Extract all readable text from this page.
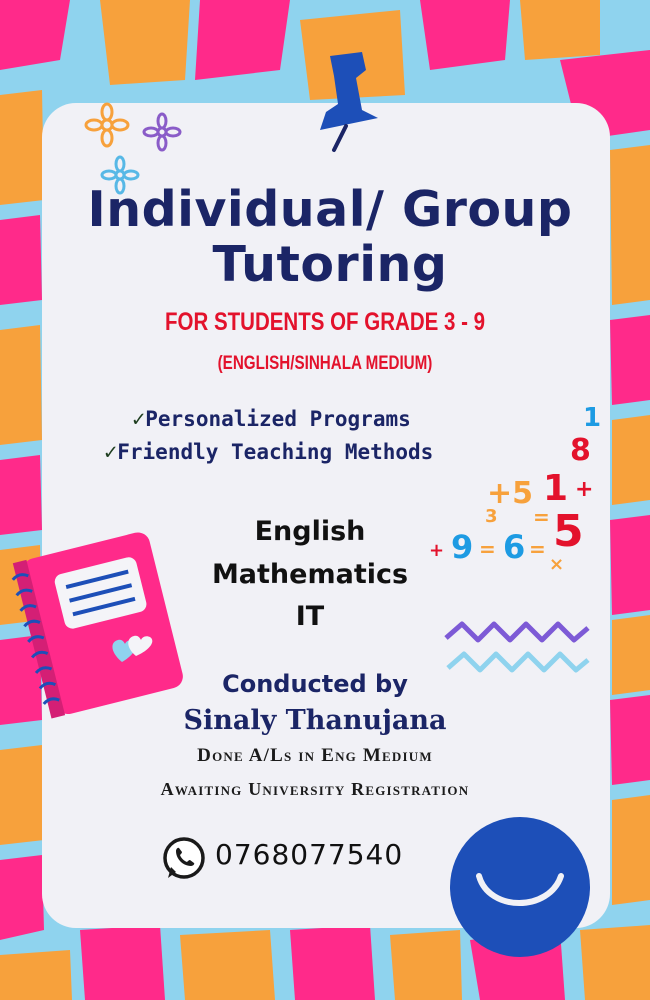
Individual/ Group
Tutoring
FOR STUDENTS OF GRADE 3 - 9
(ENGLISH/SINHALA MEDIUM)
✓Personalized Programs
✓Friendly Teaching Methods
English
Mathematics
IT
1
8
+5 1 +
3 = 5
+ 9 = 6 =
×
Conducted by
Sinaly Thanujana
Done A/Ls in Eng Medium
Awaiting University Registration
0768077540
